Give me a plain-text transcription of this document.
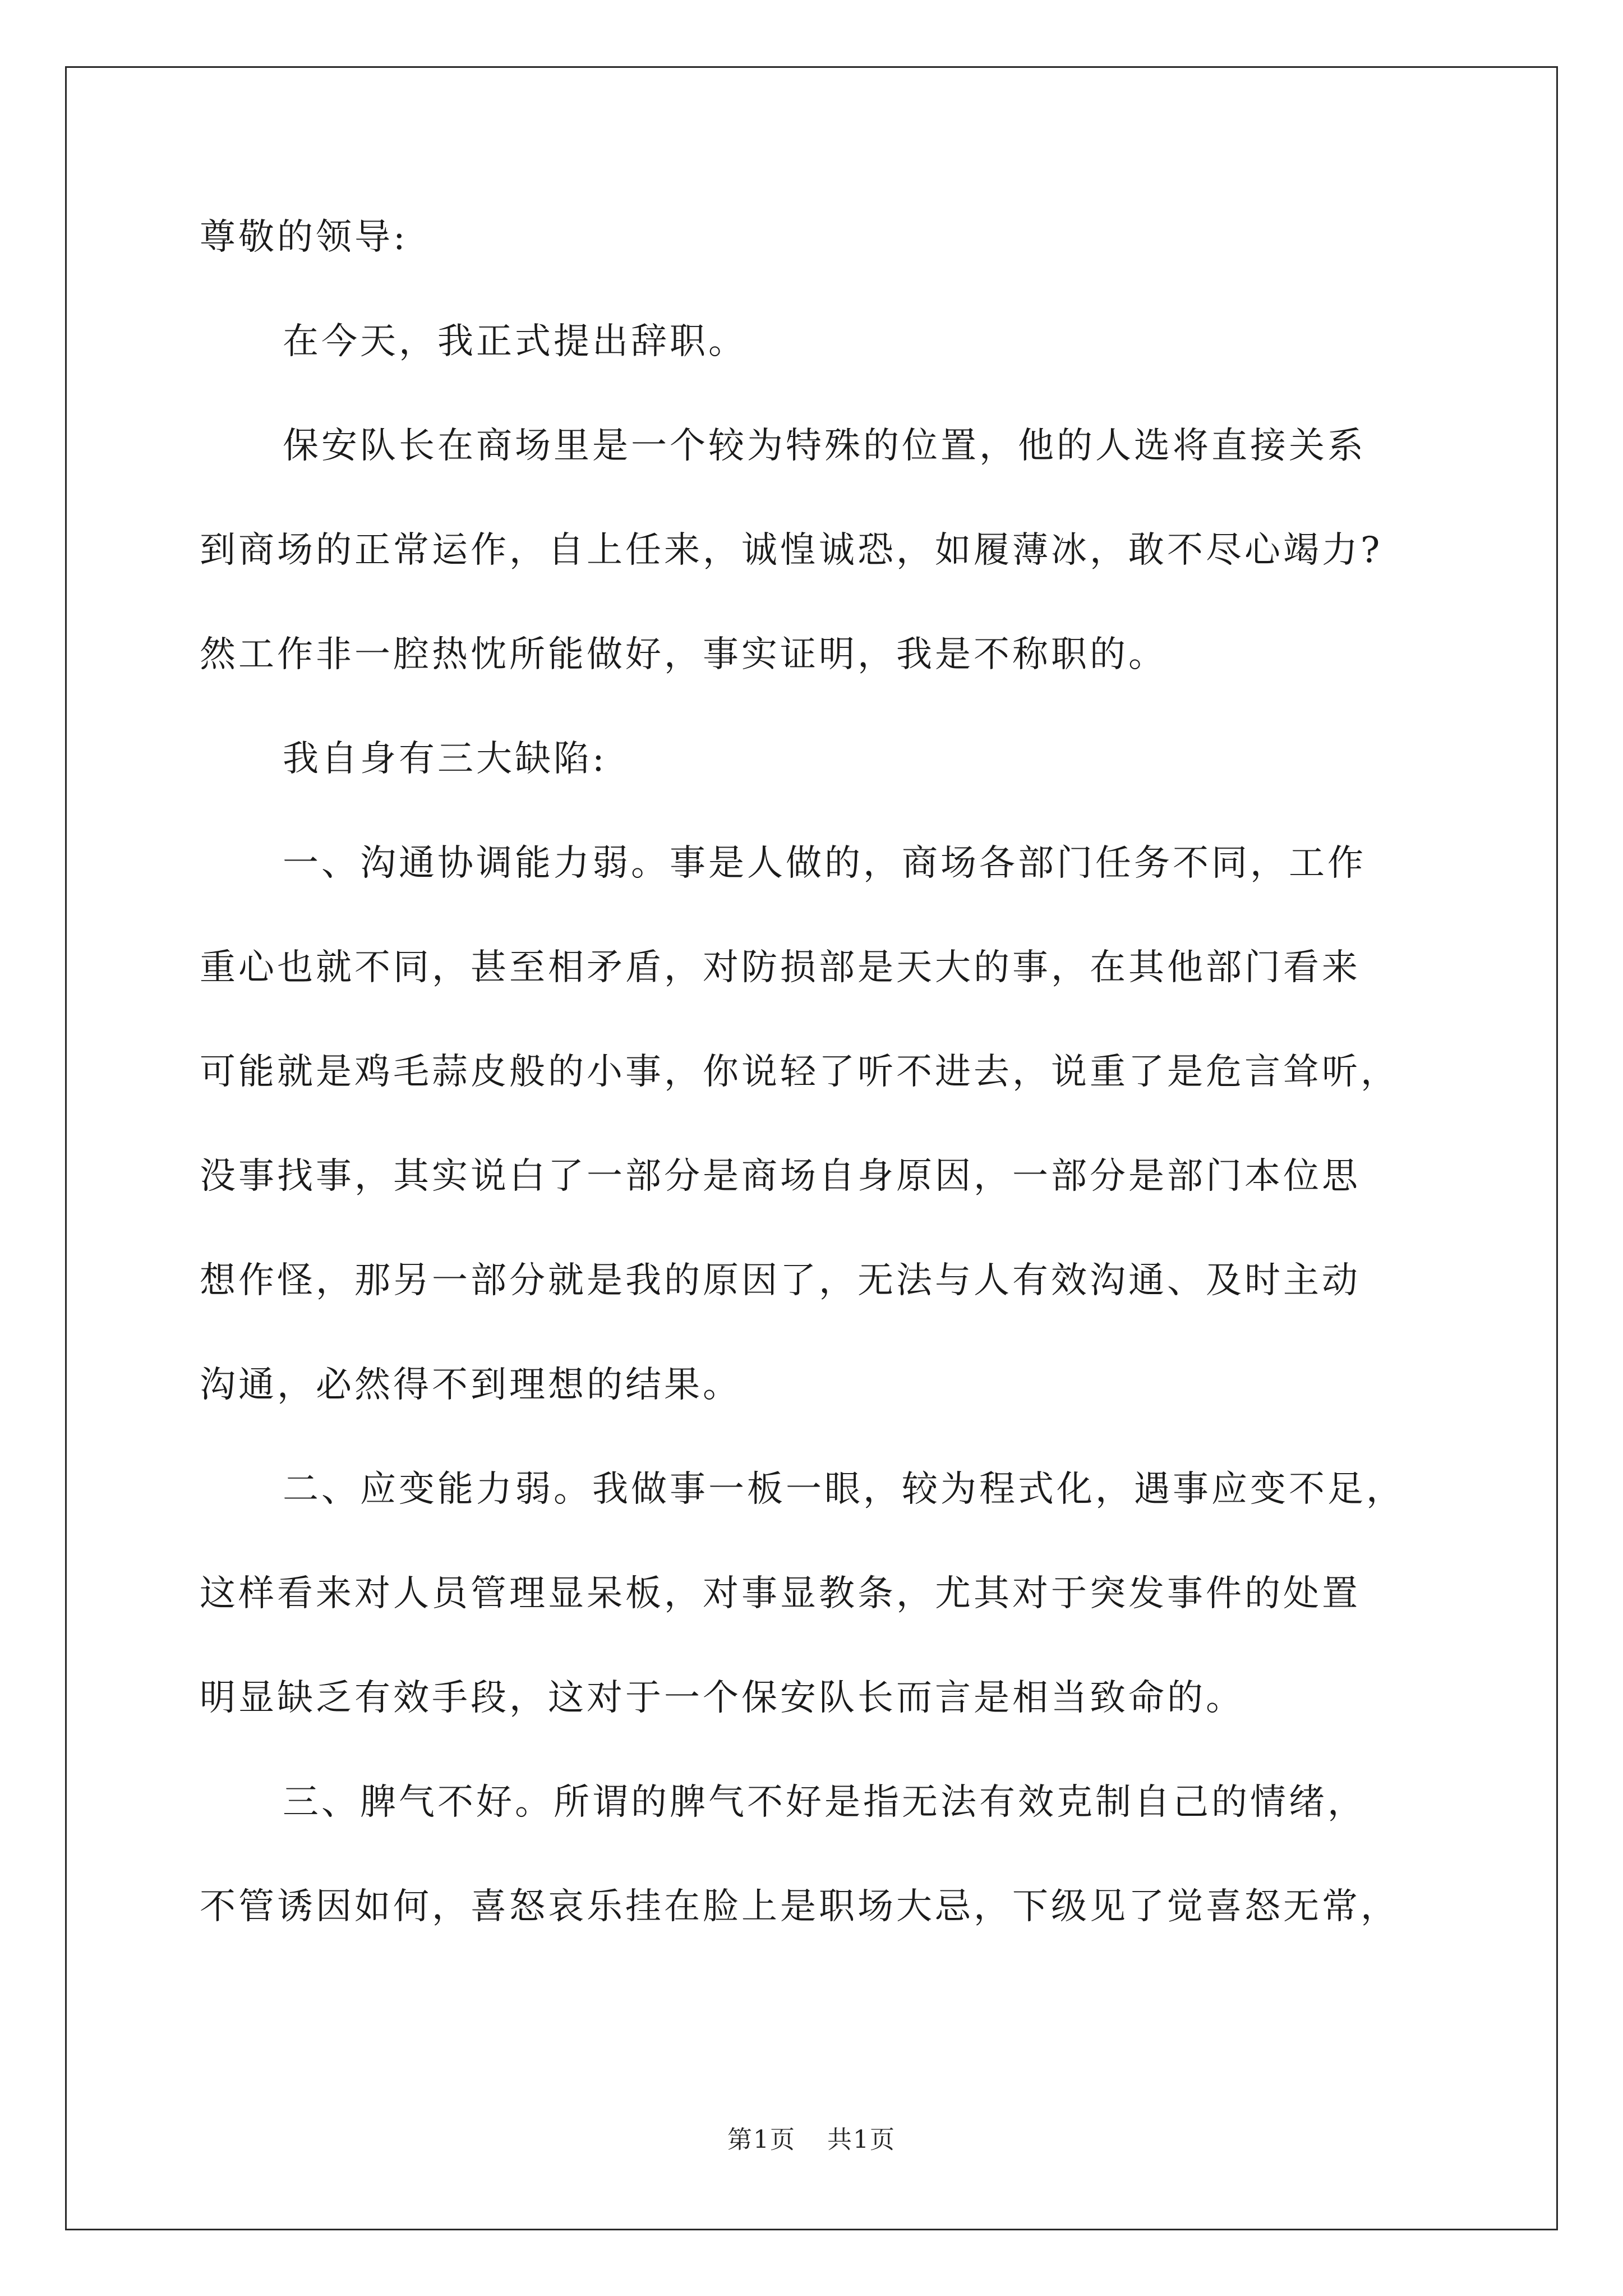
尊敬的领导:
在今天，我正式提出辞职。
保安队长在商场里是一个较为特殊的位置，他的人选将直接关系
到商场的正常运作，自上任来，诚惶诚恐，如履薄冰，敢不尽心竭力?
然工作非一腔热忱所能做好，事实证明，我是不称职的。
我自身有三大缺陷:
一、沟通协调能力弱。事是人做的，商场各部门任务不同，工作
重心也就不同，甚至相矛盾，对防损部是天大的事，在其他部门看来
可能就是鸡毛蒜皮般的小事，你说轻了听不进去，说重了是危言耸听，
没事找事，其实说白了一部分是商场自身原因，一部分是部门本位思
想作怪，那另一部分就是我的原因了，无法与人有效沟通、及时主动
沟通，必然得不到理想的结果。
二、应变能力弱。我做事一板一眼，较为程式化，遇事应变不足，
这样看来对人员管理显呆板，对事显教条，尤其对于突发事件的处置
明显缺乏有效手段，这对于一个保安队长而言是相当致命的。
三、脾气不好。所谓的脾气不好是指无法有效克制自己的情绪，
不管诱因如何，喜怒哀乐挂在脸上是职场大忌，下级见了觉喜怒无常，
第1页 共1页
